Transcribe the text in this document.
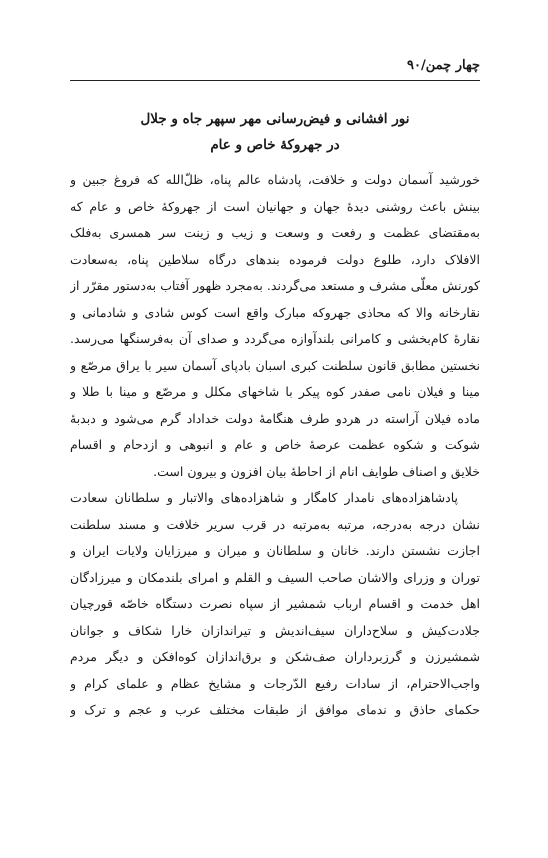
چهار چمن/۹۰
نور افشانی و فیض‌رسانی مهر سپهر جاه و جلال
در جهروکهٔ خاص و عام
خورشید آسمان دولت و خلافت، پادشاه عالم پناه، ظلّ‌الله که فروغ جبین و
بینش باعث روشنی دیدهٔ جهان و جهانیان است از جهروکهٔ خاص و عام که
به‌مقتضای عظمت و رفعت و وسعت و زیب و زینت سر همسری به‌فلک
الافلاک دارد، طلوع دولت فرموده بندهای درگاه سلاطین پناه، به‌سعادت
کورنش معلّی مشرف و مستعد می‌گردند. به‌مجرد ظهور آفتاب به‌دستور مقرّر از
نقارخانه والا که محاذی جهروکه مبارک واقع است کوس شادی و شادمانی و
نقارهٔ کام‌بخشی و کامرانی بلندآوازه می‌گردد و صدای آن به‌فرسنگها می‌رسد.
نخستین مطابق قانون سلطنت کبری اسبان بادپای آسمان سیر با یراق مرصّع و
مینا و فیلان نامی صفدر کوه پیکر با شاخهای مکلل و مرصّع و مینا با طلا و
ماده فیلان آراسته در هردو طرف هنگامهٔ دولت خداداد گرم می‌شود و دبدبهٔ
شوکت و شکوه عظمت عرصهٔ خاص و عام و انبوهی و ازدحام و اقسام
خلایق و اصناف طوایف انام از احاطهٔ بیان افزون و بیرون است.
پادشاهزاده‌های نامدار کامگار و شاهزاده‌های والاتبار و سلطانان سعادت
نشان درجه به‌درجه، مرتبه به‌مرتبه در قرب سریر خلافت و مسند سلطنت
اجازت نشستن دارند. خانان و سلطانان و میران و میرزایان ولایات ایران و
توران و وزرای والاشان صاحب السیف و القلم و امرای بلندمکان و میرزادگان
اهل خدمت و اقسام ارباب شمشیر از سپاه نصرت دستگاه خاصّه قورچیان
جلادت‌کیش و سلاح‌داران سیف‌اندیش و تیراندازان خارا شکاف و جوانان
شمشیرزن و گرزبرداران صف‌شکن و برق‌اندازان کوه‌افکن و دیگر مردم
واجب‌الاحترام، از سادات رفیع الدّرجات و مشایخ عظام و علمای کرام و
حکمای حاذق و ندمای موافق از طبقات مختلف عرب و عجم و ترک و
